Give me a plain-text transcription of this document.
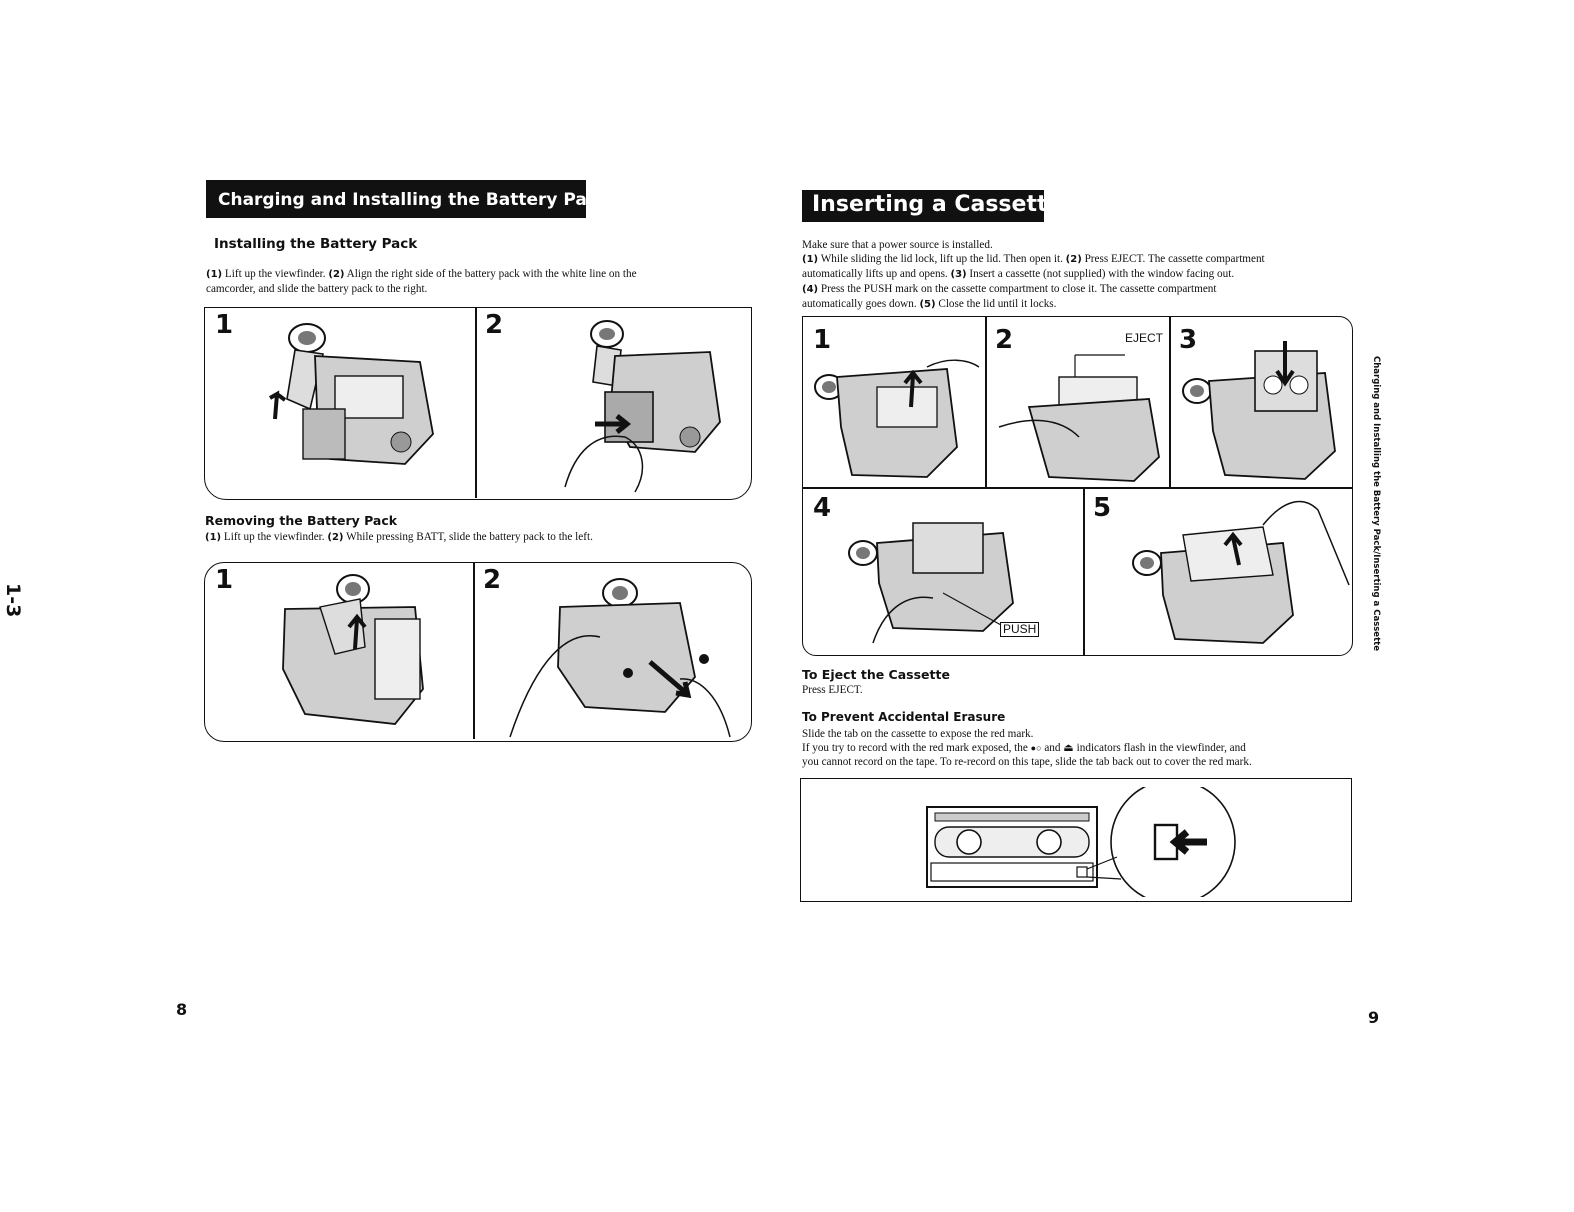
Charging and Installing the Battery Pack
Installing the Battery Pack
(1) Lift up the viewfinder. (2) Align the right side of the battery pack with the white line on the
camcorder, and slide the battery pack to the right.
1	2
Removing the Battery Pack
(1) Lift up the viewfinder. (2) While pressing BATT, slide the battery pack to the left.
1	2
8
1-3
Inserting a Cassette
Make sure that a power source is installed.
(1) While sliding the lid lock, lift up the lid. Then open it. (2) Press EJECT. The cassette compartment
automatically lifts up and opens. (3) Insert a cassette (not supplied) with the window facing out.
(4) Press the PUSH mark on the cassette compartment to close it. The cassette compartment
automatically goes down. (5) Close the lid until it locks.
1	2	3
4	5
EJECT
PUSH
To Eject the Cassette
Press EJECT.
To Prevent Accidental Erasure
Slide the tab on the cassette to expose the red mark.
If you try to record with the red mark exposed, the ●○ and ⏏ indicators flash in the viewfinder, and
you cannot record on the tape. To re-record on this tape, slide the tab back out to cover the red mark.
Charging and Installing the Battery Pack/Inserting a Cassette
9
